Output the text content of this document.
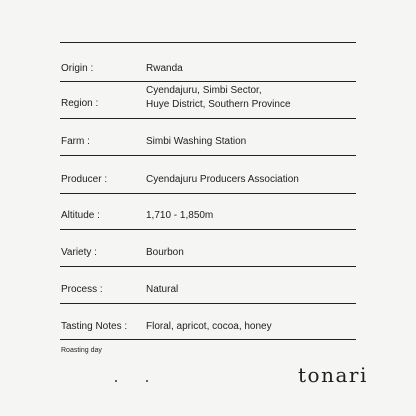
Origin :	Rwanda
Region :
Cyendajuru, Simbi Sector,
Huye District, Southern Province
Farm :	Simbi Washing Station
Producer :	Cyendajuru Producers Association
Altitude :	1,710 - 1,850m
Variety :	Bourbon
Process :	Natural
Tasting Notes : Floral, apricot, cocoa, honey
Roasting day
tonari
